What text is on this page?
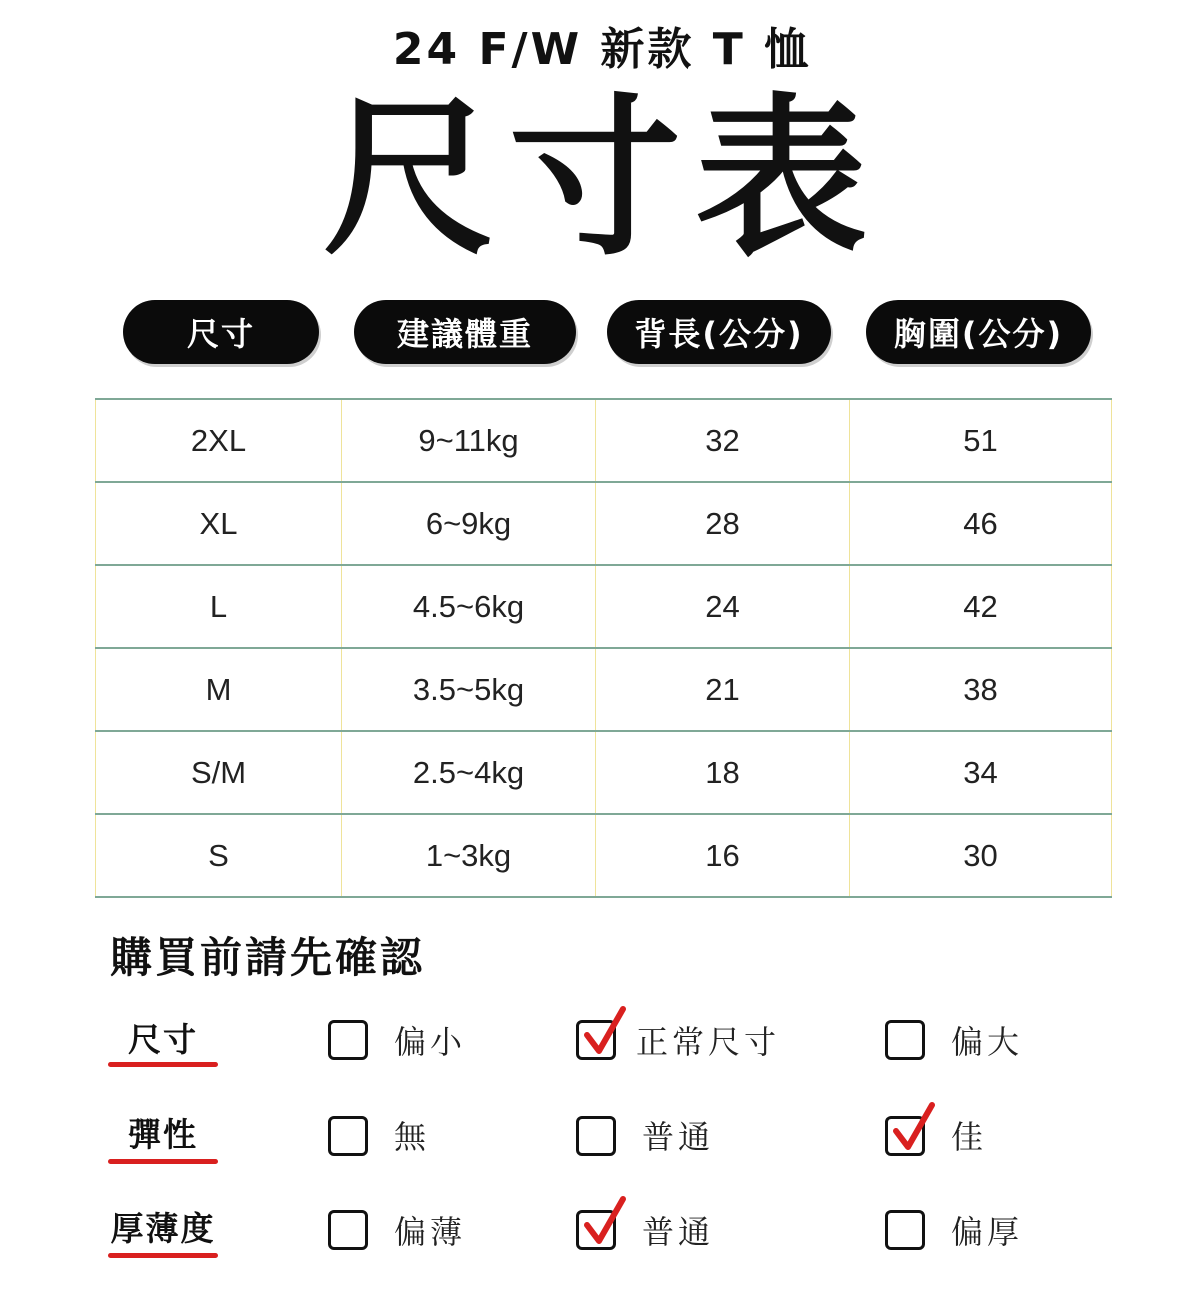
24 F/W 新款 T 恤
尺寸表
尺寸	建議體重	背長(公分)	胸圍(公分)
2XL	9~11kg	32	51
XL	6~9kg	28	46
L	4.5~6kg	24	42
M	3.5~5kg	21	38
S/M	2.5~4kg	18	34
S	1~3kg	16	30
購買前請先確認
尺寸	偏小	正常尺寸	偏大
彈性	無	普通	佳
厚薄度	偏薄	普通	偏厚
